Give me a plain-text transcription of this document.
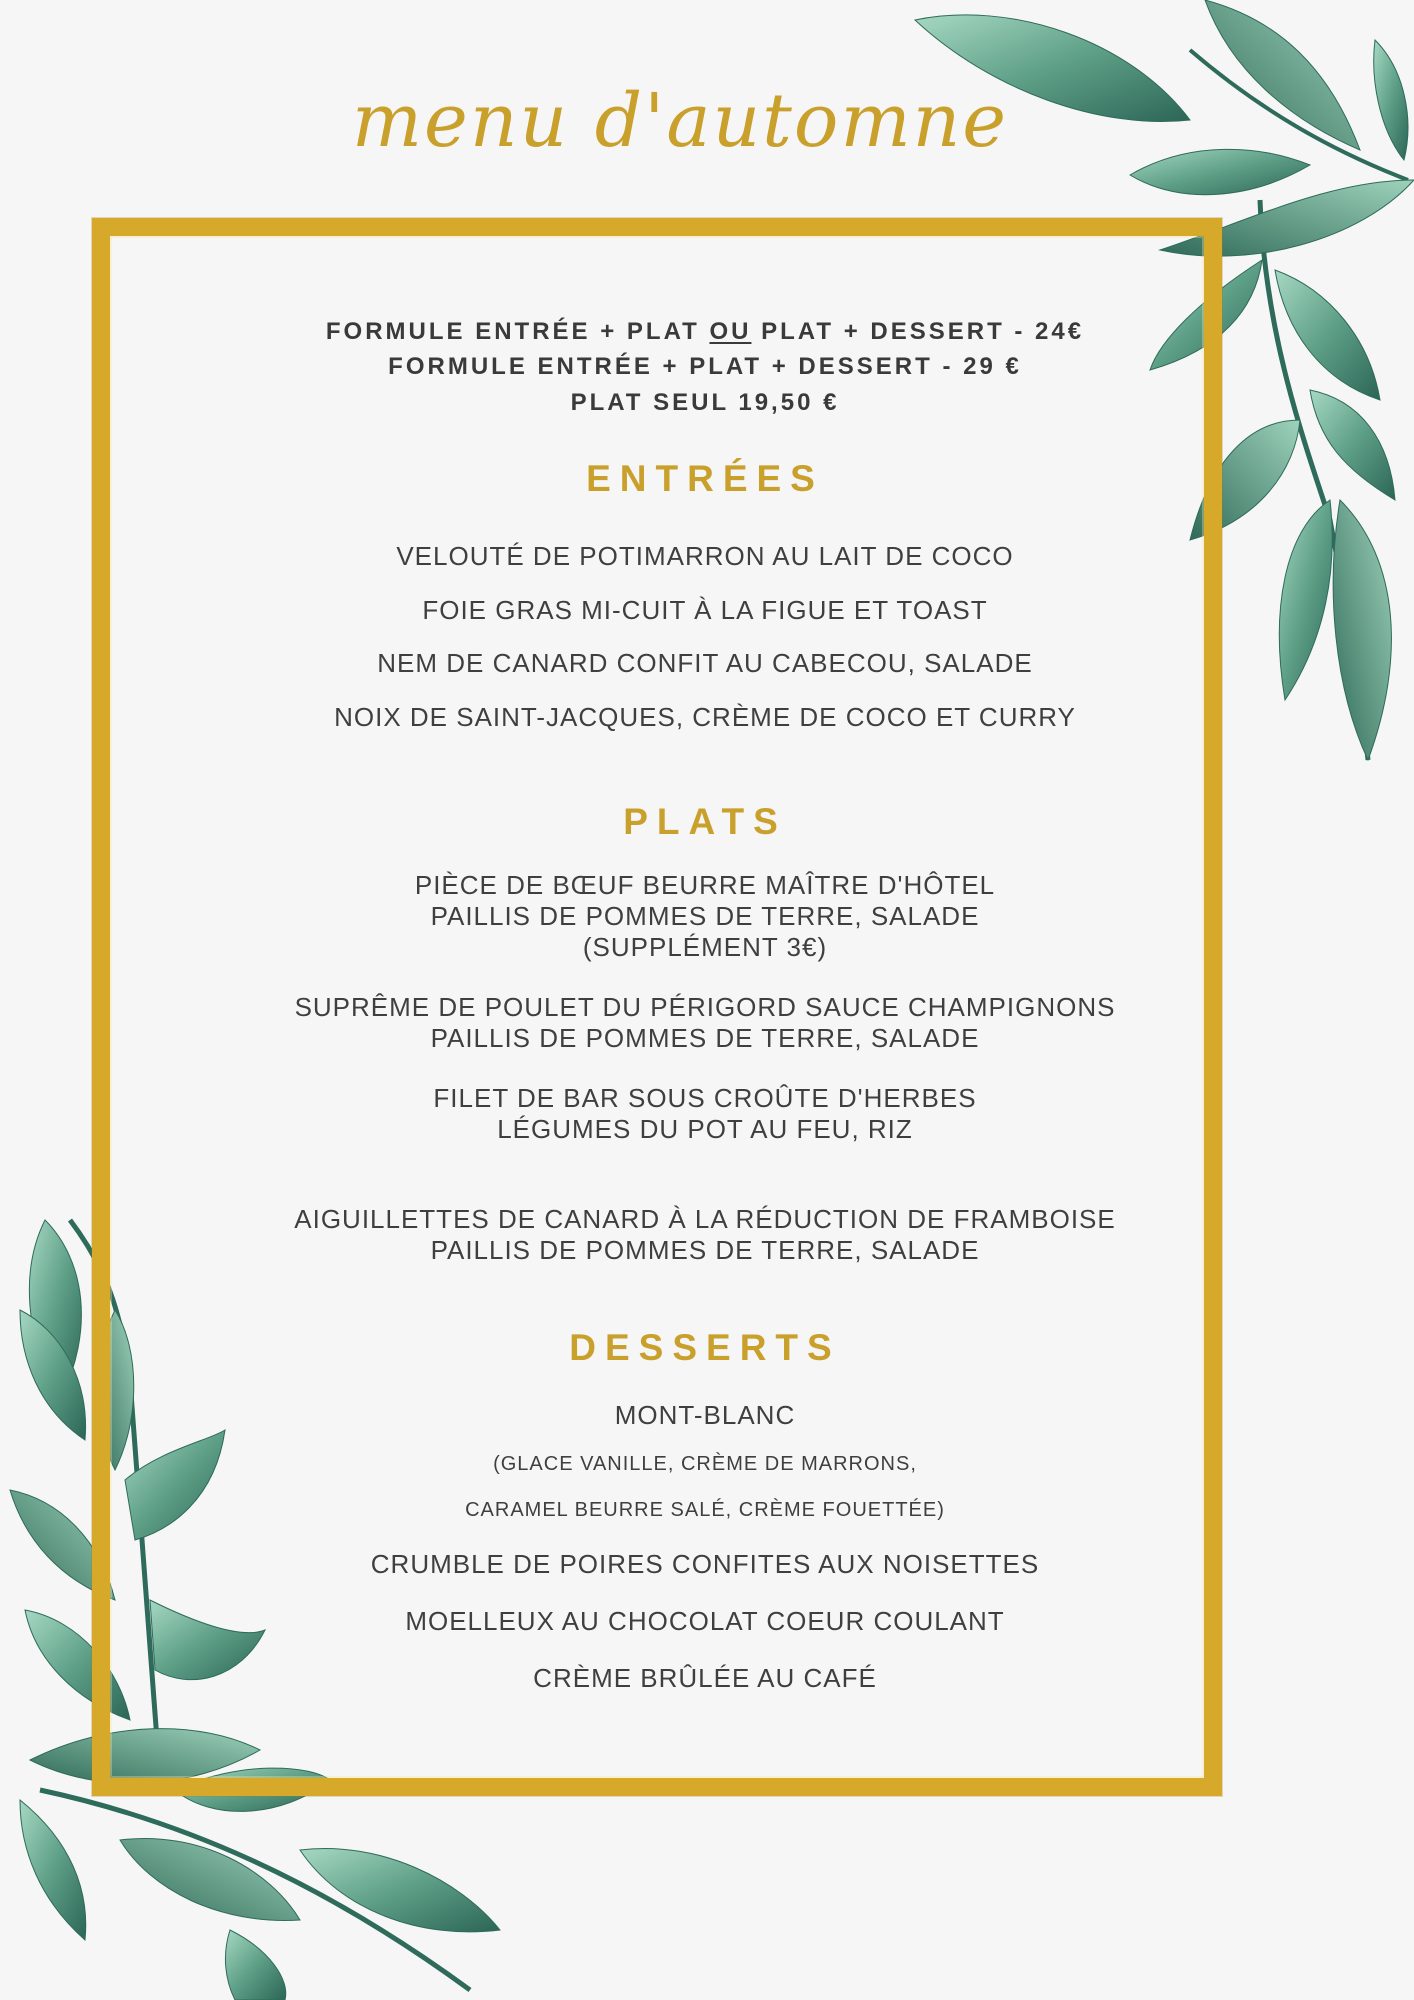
menu d'automne
FORMULE ENTRÉE + PLAT OU PLAT + DESSERT - 24€
FORMULE ENTRÉE + PLAT + DESSERT - 29 €
PLAT SEUL 19,50 €
ENTRÉES
VELOUTÉ DE POTIMARRON AU LAIT DE COCO
FOIE GRAS MI-CUIT À LA FIGUE ET TOAST
NEM DE CANARD CONFIT AU CABECOU, SALADE
NOIX DE SAINT-JACQUES, CRÈME DE COCO ET CURRY
PLATS
PIÈCE DE BŒUF BEURRE MAÎTRE D'HÔTEL
PAILLIS DE POMMES DE TERRE, SALADE
(SUPPLÉMENT 3€)
SUPRÊME DE POULET DU PÉRIGORD SAUCE CHAMPIGNONS
PAILLIS DE POMMES DE TERRE, SALADE
FILET DE BAR SOUS CROÛTE D'HERBES
LÉGUMES DU POT AU FEU, RIZ
AIGUILLETTES DE CANARD À LA RÉDUCTION DE FRAMBOISE
PAILLIS DE POMMES DE TERRE, SALADE
DESSERTS
MONT-BLANC
(GLACE VANILLE, CRÈME DE MARRONS,
CARAMEL BEURRE SALÉ, CRÈME FOUETTÉE)
CRUMBLE DE POIRES CONFITES AUX NOISETTES
MOELLEUX AU CHOCOLAT COEUR COULANT
CRÈME BRÛLÉE AU CAFÉ
